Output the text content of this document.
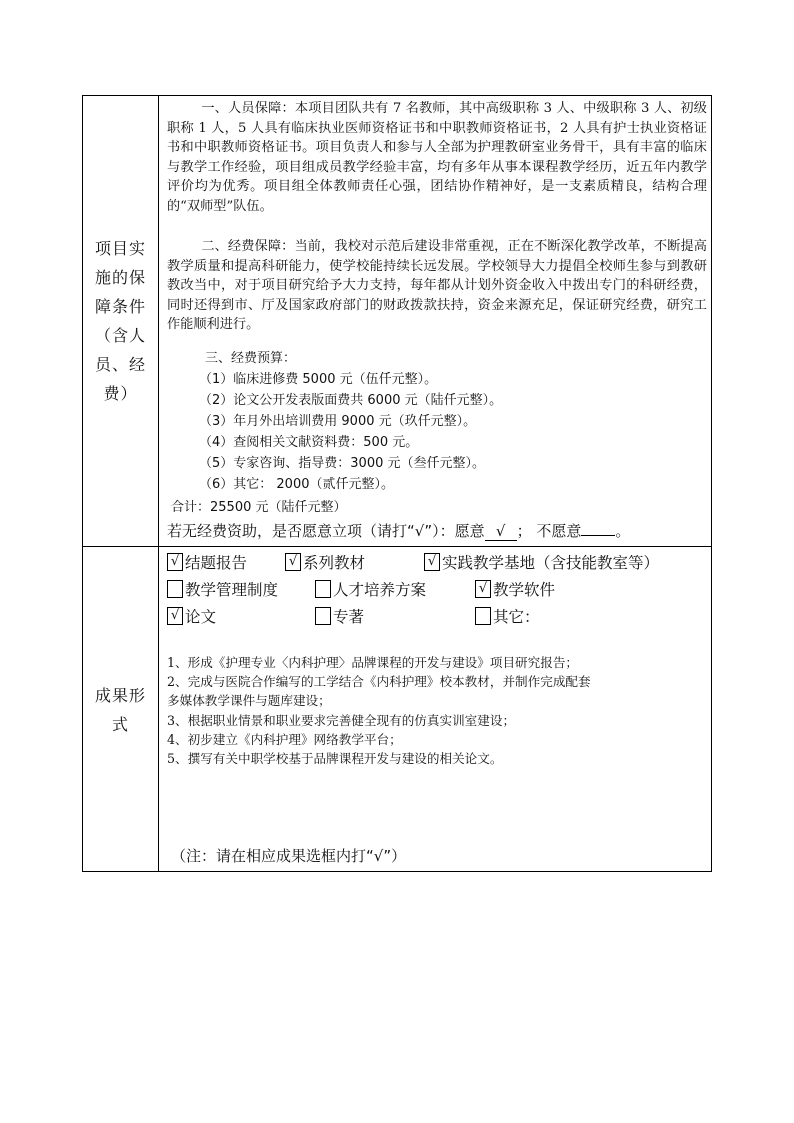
项目实施的保障条件（含人员、经费）

一、人员保障：本项目团队共有 7 名教师，其中高级职称 3 人、中级职称 3 人、初级职称 1 人，5 人具有临床执业医师资格证书和中职教师资格证书，2 人具有护士执业资格证书和中职教师资格证书。项目负责人和参与人全部为护理教研室业务骨干，具有丰富的临床与教学工作经验，项目组成员教学经验丰富，均有多年从事本课程教学经历，近五年内教学评价均为优秀。项目组全体教师责任心强，团结协作精神好，是一支素质精良，结构合理的“双师型”队伍。

二、经费保障：当前，我校对示范后建设非常重视，正在不断深化教学改革，不断提高教学质量和提高科研能力，使学校能持续长远发展。学校领导大力提倡全校师生参与到教研教改当中，对于项目研究给予大力支持，每年都从计划外资金收入中拨出专门的科研经费，同时还得到市、厅及国家政府部门的财政拨款扶持，资金来源充足，保证研究经费，研究工作能顺利进行。

三、经费预算：
（1）临床进修费 5000 元（伍仟元整）。
（2）论文公开发表版面费共 6000 元（陆仟元整）。
（3）年月外出培训费用 9000 元（玖仟元整）。
（4）查阅相关文献资料费：500 元。
（5）专家咨询、指导费：3000 元（叁仟元整）。
（6）其它： 2000（贰仟元整）。
合计：25500 元（陆仟元整）
若无经费资助，是否愿意立项（请打“√”）：愿意 √ ； 不愿意 。
成果形式
√ 结题报告	√ 系列教材	√ 实践教学基地（含技能教室等）
教学管理制度	人才培养方案	√ 教学软件
√ 论文	专著	其它：
1、形成《护理专业〈内科护理〉品牌课程的开发与建设》项目研究报告；
2、完成与医院合作编写的工学结合《内科护理》校本教材，并制作完成配套
多媒体教学课件与题库建设；
3、根据职业情景和职业要求完善健全现有的仿真实训室建设；
4、初步建立《内科护理》网络教学平台；
5、撰写有关中职学校基于品牌课程开发与建设的相关论文。
（注：请在相应成果选框内打“√”）
